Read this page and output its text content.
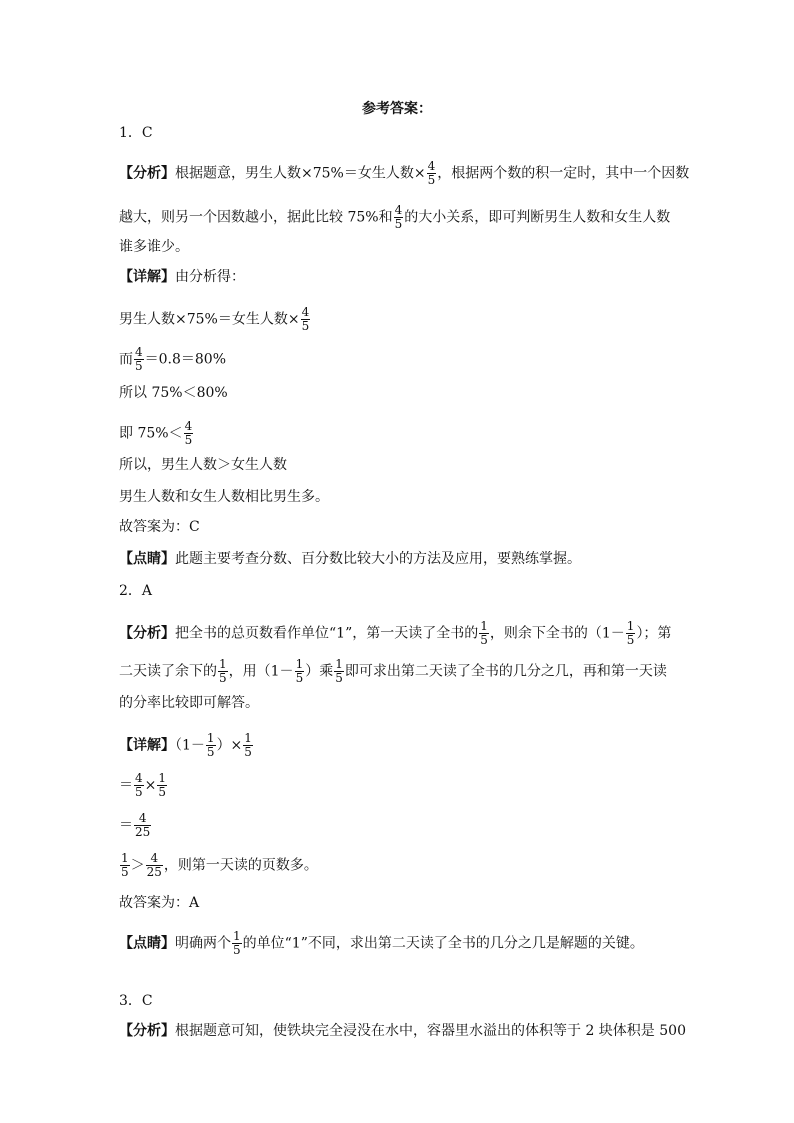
参考答案：
1．C
【分析】根据题意，男生人数×75%＝女生人数× $\frac{4}{5}$ ，根据两个数的积一定时，其中一个因数
越大，则另一个因数越小，据此比较 75%和 $\frac{4}{5}$ 的大小关系，即可判断男生人数和女生人数
谁多谁少。
【详解】由分析得：
男生人数×75%＝女生人数× $\frac{4}{5}$
而 $\frac{4}{5} =0.8=80\%$
所以 75%＜80%
即 $75\%< \frac{4}{5}$
所以，男生人数＞女生人数
男生人数和女生人数相比男生多。
故答案为：C
【点睛】此题主要考查分数、百分数比较大小的方法及应用，要熟练掌握。
2．A
【分析】把全书的总页数看作单位“1”，第一天读了全书的 $\frac{1}{5}$ ，则余下全书的（$1- \frac{1}{5}$ ）；第
二天读了余下的 $\frac{1}{5}$ ，用（$1- \frac{1}{5}$ ）乘 $\frac{1}{5}$ 即可求出第二天读了全书的几分之几，再和第一天读
的分率比较即可解答。
【详解】（$1- \frac{1}{5}$ ）× $\frac{1}{5}$
＝ $\frac{4}{5} \times \frac{1}{5}$
＝ $\frac{4}{25}$
$\frac{1}{5} > \frac{4}{25}$ ，则第一天读的页数多。
故答案为：A
【点睛】明确两个 $\frac{1}{5}$ 的单位“1”不同，求出第二天读了全书的几分之几是解题的关键。
3．C
【分析】根据题意可知，使铁块完全浸没在水中，容器里水溢出的体积等于 2 块体积是 500
